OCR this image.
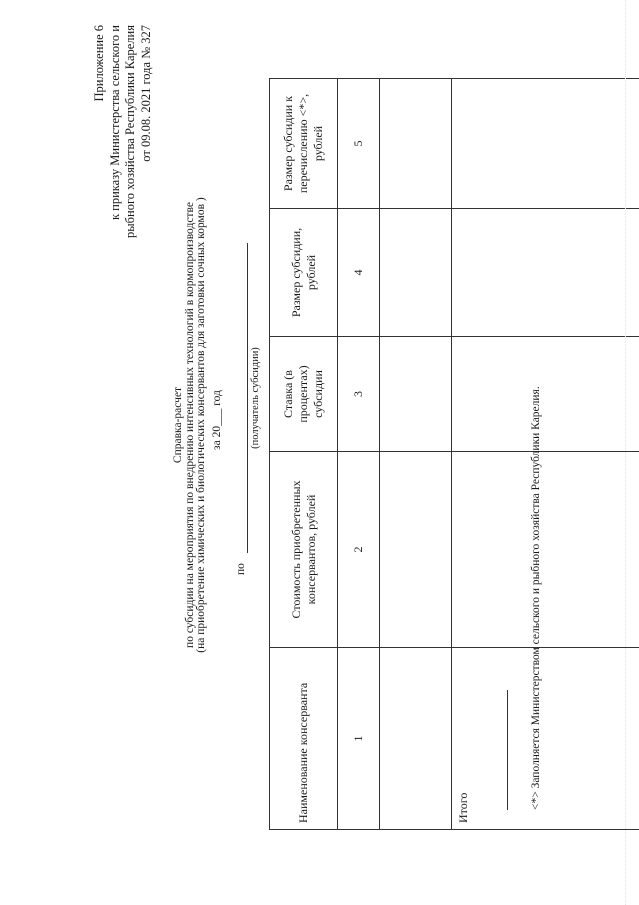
Приложение 6 к приказу Министерства сельского и рыбного хозяйства Республики Карелия от 09.08. 2021 года № 327
Справка-расчет по субсидии на мероприятия по внедрению интенсивных технологий в кормопроизводстве (на приобретение химических и биологических консервантов для заготовки сочных кормов ) за 20___ год
по
(получатель субсидии)
Наименование консерванта	Стоимость приобретенных консервантов, рублей	Ставка (в процентах) субсидии	Размер субсидии, рублей	Размер субсидии к перечислению <*>, рублей
1	2	3	4	5

Итого					<*> Заполняется Министерством сельского и рыбного хозяйства Республики Карелия.
